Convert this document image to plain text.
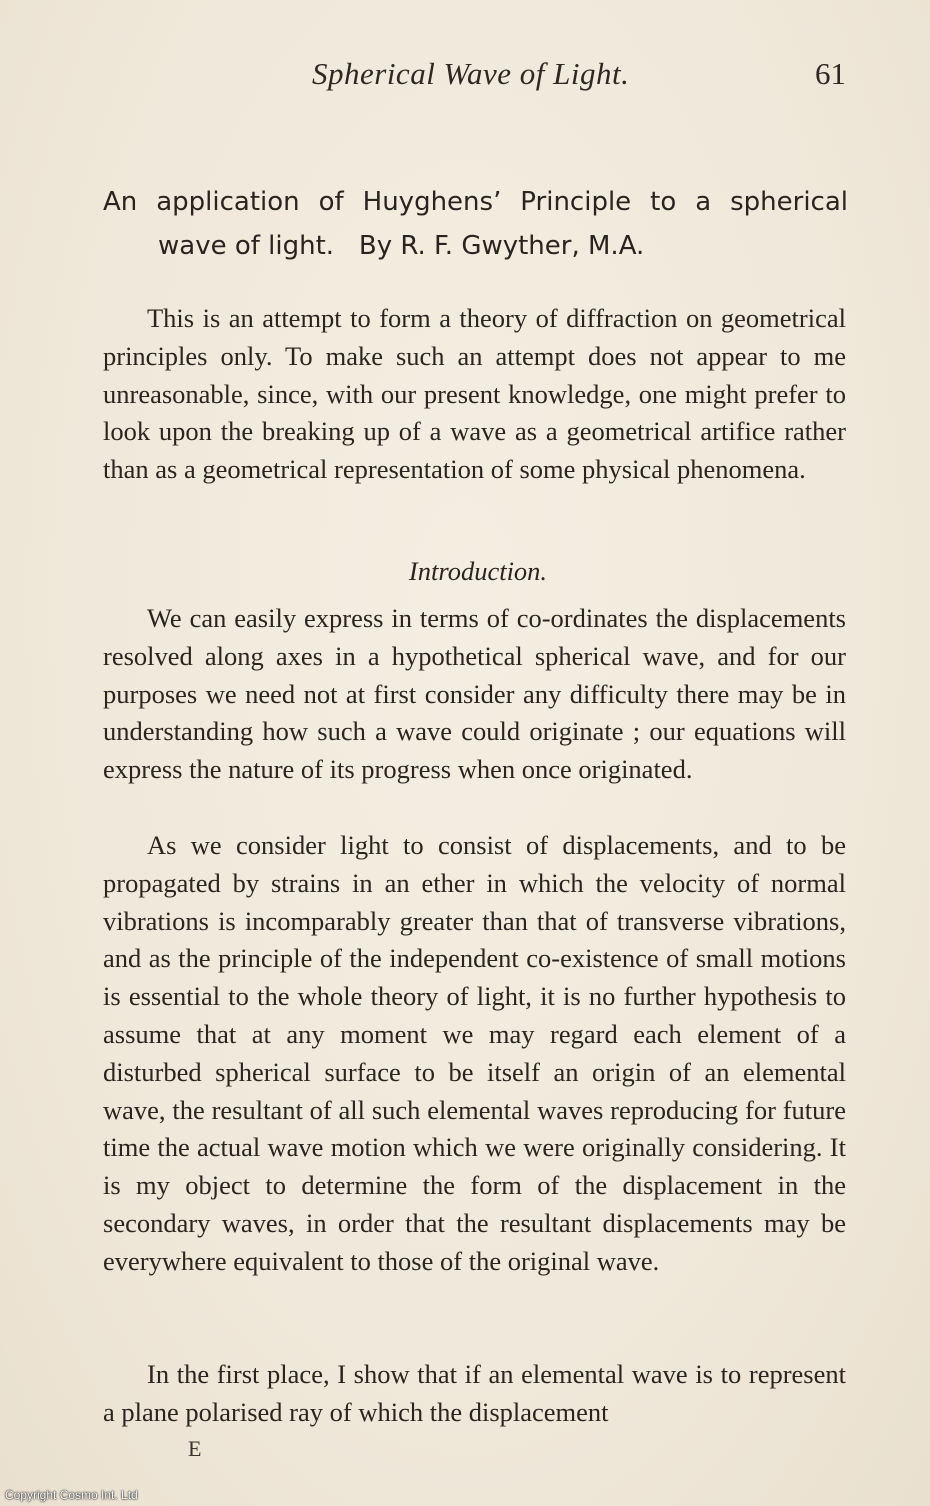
Spherical Wave of Light.	61
An application of Huyghens’ Principle to a spherical
wave of light.   By R. F. Gwyther, M.A.

This is an attempt to form a theory of diffraction on geometrical principles only. To make such an attempt does not appear to me unreasonable, since, with our present knowledge, one might prefer to look upon the breaking up of a wave as a geometrical artifice rather than as a geometrical representation of some physical phenomena.

Introduction.

We can easily express in terms of co-ordinates the displacements resolved along axes in a hypothetical spherical wave, and for our purposes we need not at first consider any difficulty there may be in understanding how such a wave could originate ; our equations will express the nature of its progress when once originated.

As we consider light to consist of displacements, and to be propagated by strains in an ether in which the velocity of normal vibrations is incomparably greater than that of transverse vibrations, and as the principle of the independent co-existence of small motions is essential to the whole theory of light, it is no further hypothesis to assume that at any moment we may regard each element of a disturbed spherical surface to be itself an origin of an elemental wave, the resultant of all such elemental waves reproducing for future time the actual wave motion which we were originally considering. It is my object to determine the form of the displacement in the secondary waves, in order that the resultant displacements may be everywhere equivalent to those of the original wave.

In the first place, I show that if an elemental wave is to represent a plane polarised ray of which the displacement

E
Copyright Cosmo Int. Ltd
